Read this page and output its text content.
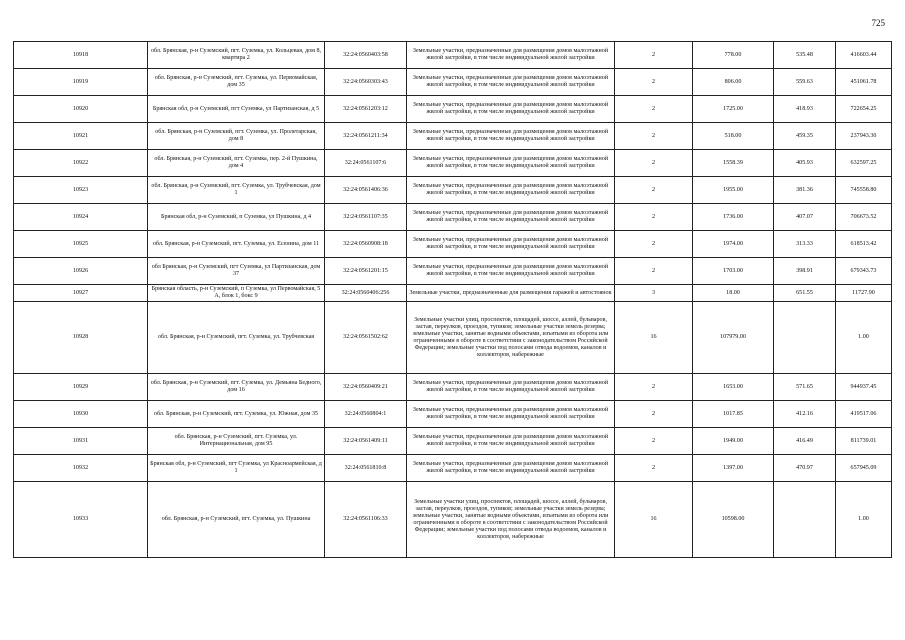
725
10918	обл. Брянская, р-н Суземский, пгт. Суземка, ул. Кольцевая, дом 8, квартира 2	32:24:0560403:58	Земельные участки, предназначенные для размещения домов малоэтажной жилой застройки, в том числе индивидуальной жилой застройки	2	778.00	535.48	416603.44
10919	обл. Брянская, р-н Суземский, пгт. Суземка, ул. Первомайская, дом 35	32:24:0560303:43	Земельные участки, предназначенные для размещения домов малоэтажной жилой застройки, в том числе индивидуальной жилой застройки	2	806.00	559.63	451061.78
10920	Брянская обл, р-н Суземский, пгт Суземка, ул Партизанская, д 5	32:24:0561203:12	Земельные участки, предназначенные для размещения домов малоэтажной жилой застройки, в том числе индивидуальной жилой застройки	2	1725.00	418.93	722654.25
10921	обл. Брянская, р-н Суземский, пгт. Суземка, ул. Пролетарская, дом 8	32:24:0561211:34	Земельные участки, предназначенные для размещения домов малоэтажной жилой застройки, в том числе индивидуальной жилой застройки	2	518.00	459.35	237943.30
10922	обл. Брянская, р-н Суземский, пгт. Суземка, пер. 2-й Пушкина, дом 4	32:24:0561107:6	Земельные участки, предназначенные для размещения домов малоэтажной жилой застройки, в том числе индивидуальной жилой застройки	2	1558.39	405.93	632597.25
10923	обл. Брянская, р-н Суземский, пгт. Суземка, ул. Трубчевская, дом 1	32:24:0561406:36	Земельные участки, предназначенные для размещения домов малоэтажной жилой застройки, в том числе индивидуальной жилой застройки	2	1955.00	381.36	745558.80
10924	Брянская обл, р-н Суземский, п Суземка, ул Пушкина, д 4	32:24:0561107:35	Земельные участки, предназначенные для размещения домов малоэтажной жилой застройки, в том числе индивидуальной жилой застройки	2	1736.00	407.07	706673.52
10925	обл. Брянская, р-н Суземский, пгт. Суземка, ул. Есенина, дом 11	32:24:0560908:18	Земельные участки, предназначенные для размещения домов малоэтажной жилой застройки, в том числе индивидуальной жилой застройки	2	1974.00	313.33	618513.42
10926	обл Брянская, р-н Суземский, пгт Суземка, ул Партизанская, дом 37	32:24:0561201:15	Земельные участки, предназначенные для размещения домов малоэтажной жилой застройки, в том числе индивидуальной жилой застройки	2	1703.00	398.91	679343.73
10927	Брянская область, р-н Суземский, п Суземка, ул Первомайская, 5 А, блок 1, бокс 9	32:24:0560406:256	Земельные участки, предназначенные для размещения гаражей и автостоянок	3	18.00	651.55	11727.90
10928	обл. Брянская, р-н Суземский, пгт. Суземка, ул. Трубчевская	32:24:0561502:62	Земельные участки улиц, проспектов, площадей, шоссе, аллей, бульваров, застав, переулков, проездов, тупиков; земельные участки земель резерва; земельные участки, занятые водными объектами, изъятыми из оборота или ограниченными в обороте в соответствии с законодательством Российской Федерации; земельные участки под полосами отвода водоемов, каналов и коллекторов, набережные	16	107979.00		1.00
10929	обл. Брянская, р-н Суземский, пгт. Суземка, ул. Демьяна Бедного, дом 16	32:24:0560409:21	Земельные участки, предназначенные для размещения домов малоэтажной жилой застройки, в том числе индивидуальной жилой застройки	2	1653.00	571.65	944937.45
10930	обл. Брянская, р-н Суземский, пгт. Суземка, ул. Южная, дом 35	32:24:0560804:1	Земельные участки, предназначенные для размещения домов малоэтажной жилой застройки, в том числе индивидуальной жилой застройки	2	1017.85	412.16	419517.06
10931	обл. Брянская, р-н Суземский, пгт. Суземка, ул. Интернациональная, дом 95	32:24:0561409:11	Земельные участки, предназначенные для размещения домов малоэтажной жилой застройки, в том числе индивидуальной жилой застройки	2	1949.00	416.49	811739.01
10932	Брянская обл, р-н Суземский, пгт Суземка, ул Красноармейская, д 1	32:24:0561810:8	Земельные участки, предназначенные для размещения домов малоэтажной жилой застройки, в том числе индивидуальной жилой застройки	2	1397.00	470.97	657945.09
10933	обл. Брянская, р-н Суземский, пгт. Суземка, ул. Пушкина	32:24:0561106:33	Земельные участки улиц, проспектов, площадей, шоссе, аллей, бульваров, застав, переулков, проездов, тупиков; земельные участки земель резерва; земельные участки, занятые водными объектами, изъятыми из оборота или ограниченными в обороте в соответствии с законодательством Российской Федерации; земельные участки под полосами отвода водоемов, каналов и коллекторов, набережные	16	10598.00		1.00
